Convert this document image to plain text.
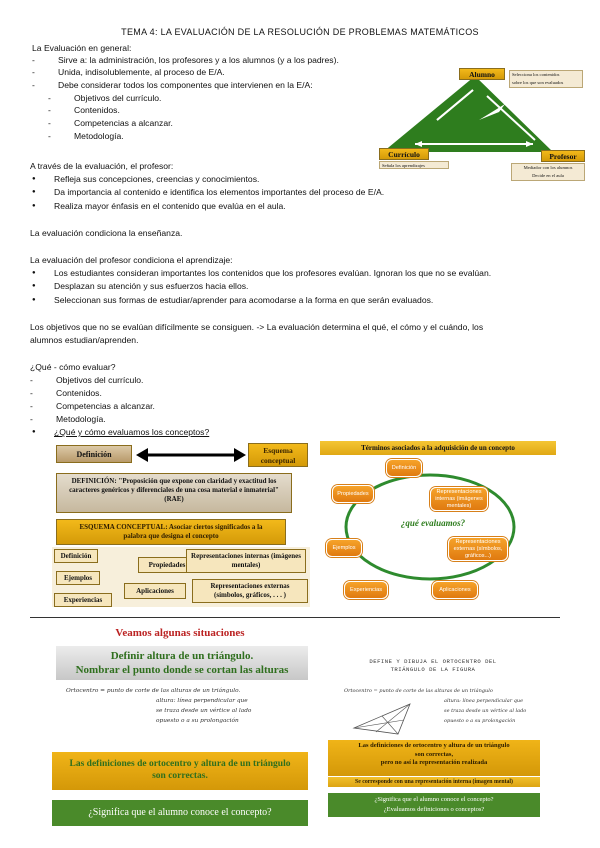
TEMA 4: LA EVALUACIÓN DE LA RESOLUCIÓN DE PROBLEMAS MATEMÁTICOS
La Evaluación en general:
- Sirve a: la administración, los profesores y a los alumnos (y a los padres).
- Unida, indisolublemente, al proceso de E/A.
- Debe considerar todos los componentes que intervienen en la E/A:
- Objetivos del currículo.
- Contenidos.
- Competencias a alcanzar.
- Metodología.
Alumno	Selecciona los contenidos
sobre los que son evaluados
Currículo
Señala los aprendizajes
Profesor
Mediador con los alumnos
Decide en el aula
A través de la evaluación, el profesor:
● Refleja sus concepciones, creencias y conocimientos.
● Da importancia al contenido e identifica los elementos importantes del proceso de E/A.
● Realiza mayor énfasis en el contenido que evalúa en el aula.
La evaluación condiciona la enseñanza.
La evaluación del profesor condiciona el aprendizaje:
● Los estudiantes consideran importantes los contenidos que los profesores evalúan. Ignoran los que no se evalúan.
● Desplazan su atención y sus esfuerzos hacia ellos.
● Seleccionan sus formas de estudiar/aprender para acomodarse a la forma en que serán evaluados.
Los objetivos que no se evalúan difícilmente se consiguen. -> La evaluación determina el qué, el cómo y el cuándo, los
alumnos estudian/aprenden.
¿Qué - cómo evaluar?
- Objetivos del currículo.
- Contenidos.
- Competencias a alcanzar.
- Metodología.
● ¿Qué y cómo evaluamos los conceptos?
Definición	Esquema conceptual
DEFINICIÓN: "Proposición que expone con claridad y exactitud los caracteres genéricos y diferenciales de una cosa material e inmaterial" (RAE)
ESQUEMA CONCEPTUAL: Asociar ciertos significados a la palabra que designa el concepto
Definición
Ejemplos
Propiedades
Aplicaciones
Experiencias
Representaciones internas (imágenes mentales)
Representaciones externas (símbolos, gráficos, . . . )
Términos asociados a la adquisición de un concepto
¿qué evaluamos?
Definición
Propiedades	Representaciones internas (imágenes mentales)
Ejemplos
Representaciones externas (símbolos, gráficos...)
Experiencias	Aplicaciones
Veamos algunas situaciones
Definir altura de un triángulo.
Nombrar el punto donde se cortan las alturas
Ortocentro = punto de corte de las alturas de un triángulo.
altura: línea perpendicular que
se traza desde un vértice al lado
opuesto o a su prolongación
Las definiciones de ortocentro y altura de un triángulo
son correctas.
¿Significa que el alumno conoce el concepto?
DEFINE Y DIBUJA EL ORTOCENTRO DEL
TRIÁNGULO DE LA FIGURA
Ortocentro = punto de corte de las alturas de un triángulo
altura: línea perpendicular que
se traza desde un vértice al lado
opuesto o a su prolongación
Las definiciones de ortocentro y altura de un triángulo
son correctas,
pero no así la representación realizada
Se corresponde con una representación interna (imagen mental)
¿Significa que el alumno conoce el concepto?
¿Evaluamos definiciones o conceptos?
